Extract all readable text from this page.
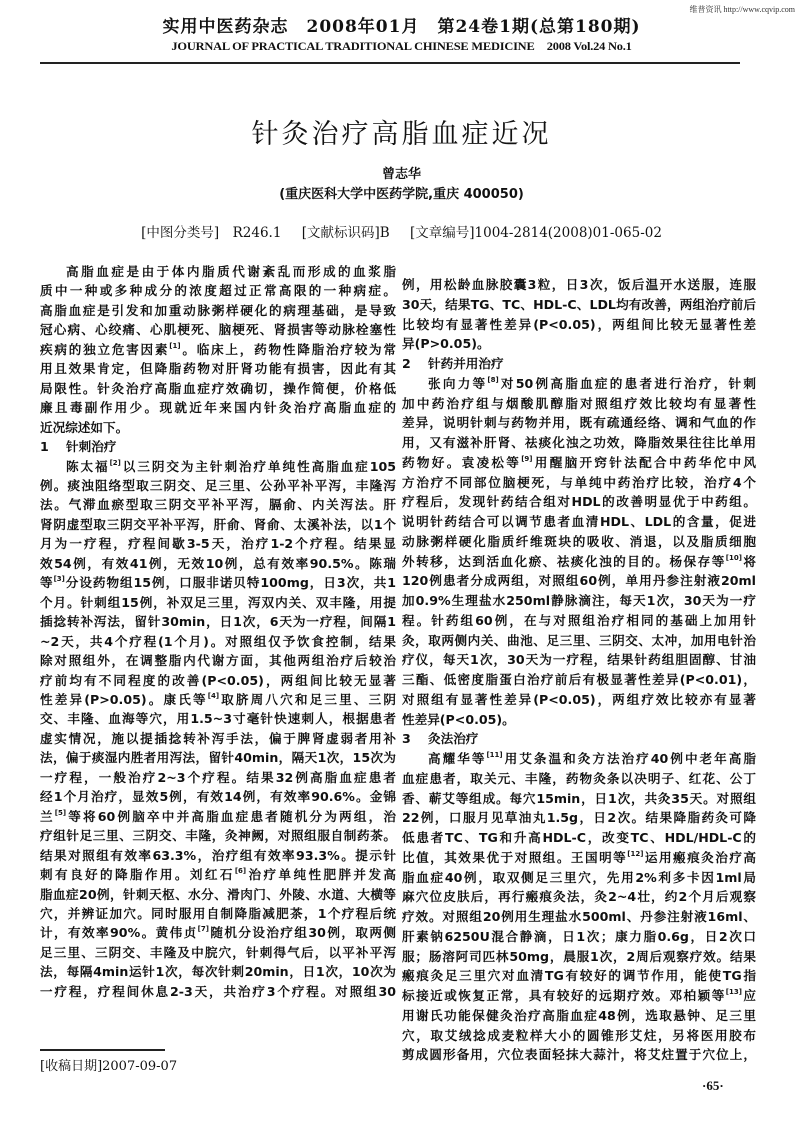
维普资讯 http://www.cqvip.com
实用中医药杂志　2008年01月　第24卷1期(总第180期)
JOURNAL OF PRACTICAL TRADITIONAL CHINESE MEDICINE　2008 Vol.24 No.1
针灸治疗高脂血症近况
曾志华
(重庆医科大学中医药学院,重庆 400050)
[中图分类号]　R246.1 [文献标识码]B [文章编号]1004-2814(2008)01-065-02
高脂血症是由于体内脂质代谢紊乱而形成的血浆脂
质中一种或多种成分的浓度超过正常高限的一种病症。
高脂血症是引发和加重动脉粥样硬化的病理基础，是导致
冠心病、心绞痛、心肌梗死、脑梗死、肾损害等动脉栓塞性
疾病的独立危害因素[1]。临床上，药物性降脂治疗较为常
用且效果肯定，但降脂药物对肝肾功能有损害，因此有其
局限性。针灸治疗高脂血症疗效确切，操作简便，价格低
廉且毒副作用少。现就近年来国内针灸治疗高脂血症的
近况综述如下。
1 针刺治疗
陈太福[2]以三阴交为主针刺治疗单纯性高脂血症105
例。痰浊阻络型取三阴交、足三里、公孙平补平泻，丰隆泻
法。气滞血瘀型取三阴交平补平泻，膈俞、内关泻法。肝
肾阴虚型取三阴交平补平泻，肝俞、肾俞、太溪补法，以1个
月为一疗程，疗程间歇3-5天，治疗1-2个疗程。结果显
效54例，有效41例，无效10例，总有效率90.5%。陈瑞
等[3]分设药物组15例，口服非诺贝特100mg，日3次，共1
个月。针刺组15例，补双足三里，泻双内关、双丰隆，用提
插捻转补泻法，留针30min，日1次，6天为一疗程，间隔1
~2天，共4个疗程(1个月)。对照组仅予饮食控制，结果
除对照组外，在调整脂内代谢方面，其他两组治疗后较治
疗前均有不同程度的改善(P<0.05)，两组间比较无显著
性差异(P>0.05)。康氏等[4]取脐周八穴和足三里、三阴
交、丰隆、血海等穴，用1.5~3寸毫针快速刺人，根据患者
虚实情况，施以提插捻转补泻手法，偏于脾肾虚弱者用补
法，偏于痰湿内胜者用泻法，留针40min，隔天1次，15次为
一疗程，一般治疗2~3个疗程。结果32例高脂血症患者
经1个月治疗，显效5例，有效14例，有效率90.6%。金锦
兰[5]等将60例脑卒中并高脂血症患者随机分为两组，治
疗组针足三里、三阴交、丰隆，灸神阙，对照组服自制药茶。
结果对照组有效率63.3%，治疗组有效率93.3%。提示针
刺有良好的降脂作用。刘红石[6]治疗单纯性肥胖并发高
脂血症20例，针刺天枢、水分、滑肉门、外陵、水道、大横等
穴，并辨证加穴。同时服用自制降脂减肥茶，1个疗程后统
计，有效率90%。黄伟贞[7]随机分设治疗组30例，取两侧
足三里、三阴交、丰隆及中脘穴，针刺得气后，以平补平泻
法，每隔4min运针1次，每次针刺20min，日1次，10次为
一疗程，疗程间休息2-3天，共治疗3个疗程。对照组30
例，用松龄血脉胶囊3粒，日3次，饭后温开水送服，连服
30天，结果TG、TC、HDL-C、LDL均有改善，两组治疗前后
比较均有显著性差异(P<0.05)，两组间比较无显著性差
异(P>0.05)。
2 针药并用治疗
张向力等[8]对50例高脂血症的患者进行治疗，针刺
加中药治疗组与烟酸肌醇脂对照组疗效比较均有显著性
差异，说明针刺与药物并用，既有疏通经络、调和气血的作
用，又有滋补肝肾、祛痰化浊之功效，降脂效果往往比单用
药物好。袁凌松等[9]用醒脑开窍针法配合中药华佗中风
方治疗不同部位脑梗死，与单纯中药治疗比较，治疗4个
疗程后，发现针药结合组对HDL的改善明显优于中药组。
说明针药结合可以调节患者血清HDL、LDL的含量，促进
动脉粥样硬化脂质纤维斑块的吸收、消退，以及脂质细胞
外转移，达到活血化瘀、祛痰化浊的目的。杨保存等[10]将
120例患者分成两组，对照组60例，单用丹参注射液20ml
加0.9%生理盐水250ml静脉滴注，每天1次，30天为一疗
程。针药组60例，在与对照组治疗相同的基础上加用针
灸，取两侧内关、曲池、足三里、三阴交、太冲，加用电针治
疗仪，每天1次，30天为一疗程，结果针药组胆固醇、甘油
三酯、低密度脂蛋白治疗前后有极显著性差异(P<0.01)，
对照组有显著性差异(P<0.05)，两组疗效比较亦有显著
性差异(P<0.05)。
3 灸法治疗
高耀华等[11]用艾条温和灸方法治疗40例中老年高脂
血症患者，取关元、丰隆，药物灸条以决明子、红花、公丁
香、蕲艾等组成。每穴15min，日1次，共灸35天。对照组
22例，口服月见草油丸1.5g，日2次。结果降脂药灸可降
低患者TC、TG和升高HDL-C，改变TC、HDL/HDL-C的
比值，其效果优于对照组。王国明等[12]运用瘢痕灸治疗高
脂血症40例，取双侧足三里穴，先用2%利多卡因1ml局
麻穴位皮肤后，再行瘢痕灸法，灸2~4壮，约2个月后观察
疗效。对照组20例用生理盐水500ml、丹参注射液16ml、
肝素钠6250U混合静滴，日1次；康力脂0.6g，日2次口
服；肠溶阿司匹林50mg，晨服1次，2周后观察疗效。结果
瘢痕灸足三里穴对血清TG有较好的调节作用，能使TG指
标接近或恢复正常，具有较好的远期疗效。邓柏颖等[13]应
用谢氏功能保健灸治疗高脂血症48例，选取悬钟、足三里
穴，取艾绒捻成麦粒样大小的圆锥形艾炷，另将医用胶布
剪成圆形备用，穴位表面轻抹大蒜汁，将艾炷置于穴位上，
[收稿日期]2007-09-07
·65·
